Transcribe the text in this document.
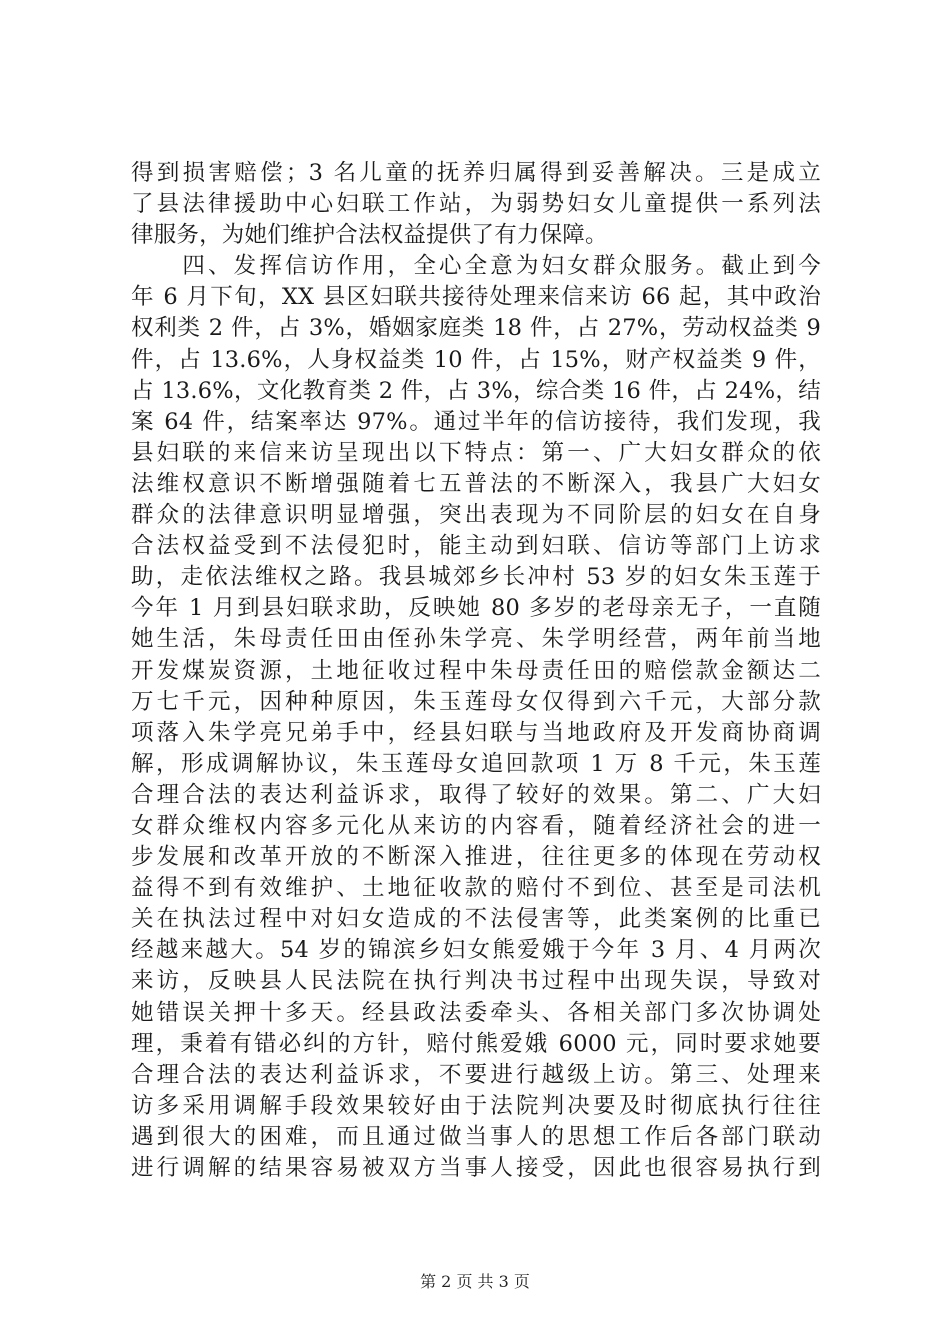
得到损害赔偿；3 名儿童的抚养归属得到妥善解决。三是成立
了县法律援助中心妇联工作站，为弱势妇女儿童提供一系列法
律服务，为她们维护合法权益提供了有力保障。
　　四、发挥信访作用，全心全意为妇女群众服务。截止到今
年 6 月下旬，XX 县区妇联共接待处理来信来访 66 起，其中政治
权利类 2 件，占 3%，婚姻家庭类 18 件，占 27%，劳动权益类 9
件，占 13.6%，人身权益类 10 件，占 15%，财产权益类 9 件，
占 13.6%，文化教育类 2 件，占 3%，综合类 16 件，占 24%，结
案 64 件，结案率达 97%。通过半年的信访接待，我们发现，我
县妇联的来信来访呈现出以下特点：第一、广大妇女群众的依
法维权意识不断增强随着七五普法的不断深入，我县广大妇女
群众的法律意识明显增强，突出表现为不同阶层的妇女在自身
合法权益受到不法侵犯时，能主动到妇联、信访等部门上访求
助，走依法维权之路。我县城郊乡长冲村 53 岁的妇女朱玉莲于
今年 1 月到县妇联求助，反映她 80 多岁的老母亲无子，一直随
她生活，朱母责任田由侄孙朱学亮、朱学明经营，两年前当地
开发煤炭资源，土地征收过程中朱母责任田的赔偿款金额达二
万七千元，因种种原因，朱玉莲母女仅得到六千元，大部分款
项落入朱学亮兄弟手中，经县妇联与当地政府及开发商协商调
解，形成调解协议，朱玉莲母女追回款项 1 万 8 千元，朱玉莲
合理合法的表达利益诉求，取得了较好的效果。第二、广大妇
女群众维权内容多元化从来访的内容看，随着经济社会的进一
步发展和改革开放的不断深入推进，往往更多的体现在劳动权
益得不到有效维护、土地征收款的赔付不到位、甚至是司法机
关在执法过程中对妇女造成的不法侵害等，此类案例的比重已
经越来越大。54 岁的锦滨乡妇女熊爱娥于今年 3 月、4 月两次
来访，反映县人民法院在执行判决书过程中出现失误，导致对
她错误关押十多天。经县政法委牵头、各相关部门多次协调处
理，秉着有错必纠的方针，赔付熊爱娥 6000 元，同时要求她要
合理合法的表达利益诉求，不要进行越级上访。第三、处理来
访多采用调解手段效果较好由于法院判决要及时彻底执行往往
遇到很大的困难，而且通过做当事人的思想工作后各部门联动
进行调解的结果容易被双方当事人接受，因此也很容易执行到
第 2 页 共 3 页
